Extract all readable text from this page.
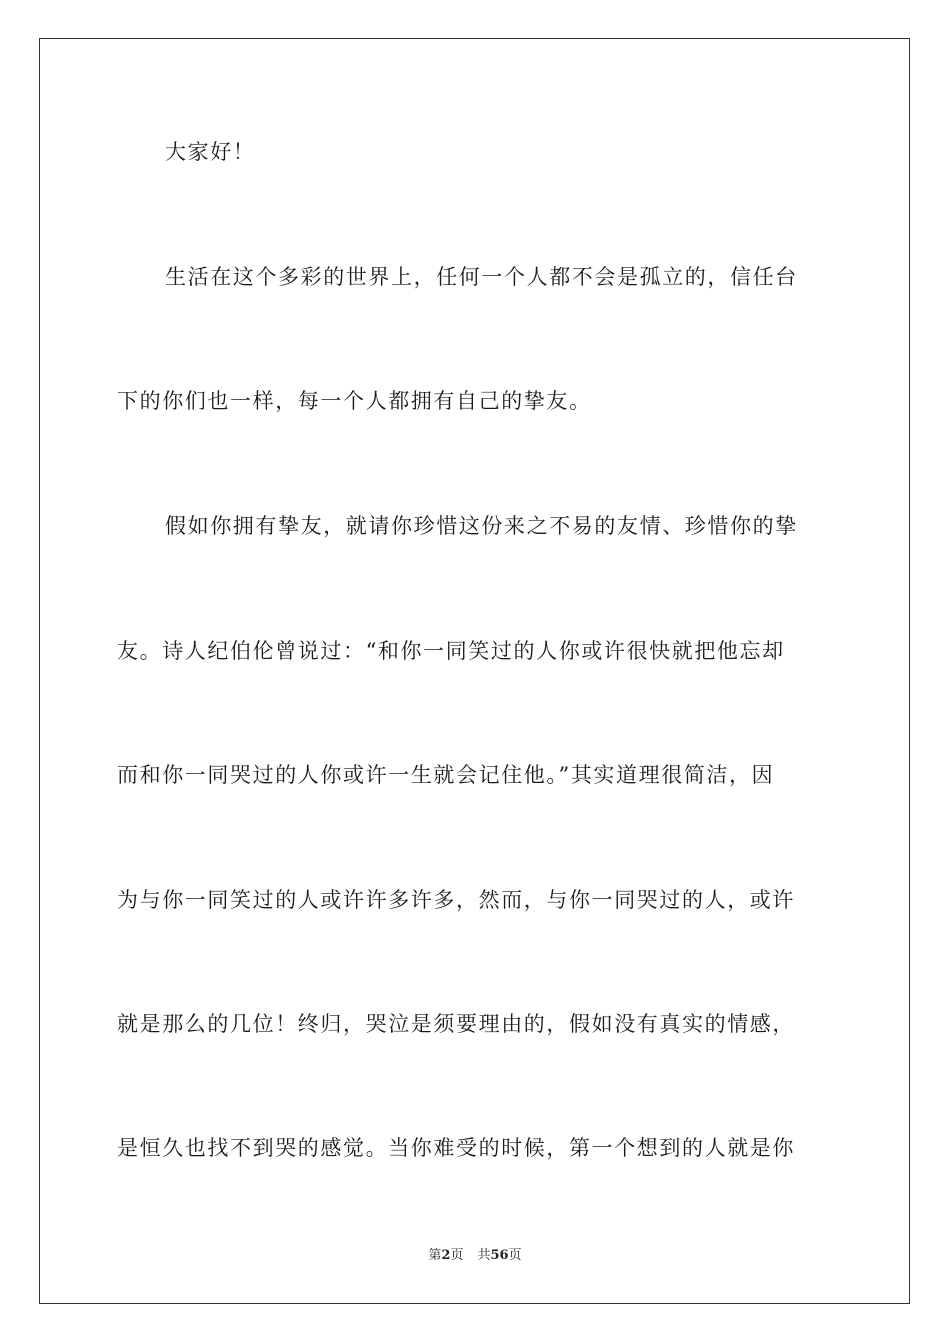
大家好！
生活在这个多彩的世界上，任何一个人都不会是孤立的，信任台
下的你们也一样，每一个人都拥有自己的挚友。
假如你拥有挚友，就请你珍惜这份来之不易的友情、珍惜你的挚
友。诗人纪伯伦曾说过：“和你一同笑过的人你或许很快就把他忘却
而和你一同哭过的人你或许一生就会记住他。”其实道理很简洁，因
为与你一同笑过的人或许许多许多，然而，与你一同哭过的人，或许
就是那么的几位！终归，哭泣是须要理由的，假如没有真实的情感，
是恒久也找不到哭的感觉。当你难受的时候，第一个想到的人就是你
第2页 共56页
